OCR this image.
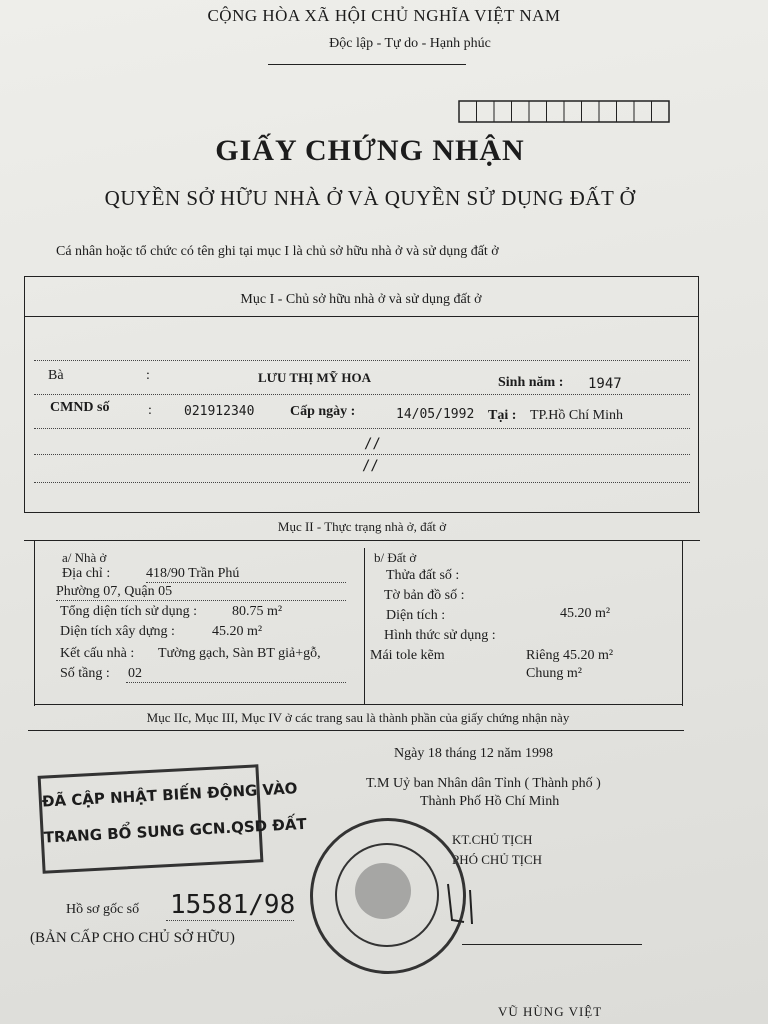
CỘNG HÒA XÃ HỘI CHỦ NGHĨA VIỆT NAM
Độc lập - Tự do - Hạnh phúc
GIẤY CHỨNG NHẬN
QUYỀN SỞ HỮU NHÀ Ở VÀ QUYỀN SỬ DỤNG ĐẤT Ở
Cá nhân hoặc tổ chức có tên ghi tại mục I là chủ sở hữu nhà ở và sử dụng đất ở
Mục I - Chủ sở hữu nhà ở và sử dụng đất ở
Bà	:	LƯU THỊ MỸ HOA	Sinh năm : 1947
CMND số	: 021912340	Cấp ngày :	14/05/1992 Tại : TP.Hồ Chí Minh
//
//
Mục II - Thực trạng nhà ở, đất ở
a/ Nhà ở
Địa chỉ :	418/90 Trần Phú
Phường 07, Quận 05
Tổng diện tích sử dụng : 80.75 m²
Diện tích xây dựng :	45.20 m²
Kết cấu nhà : Tường gạch, Sàn BT giả+gỗ,
Số tầng : 02
b/ Đất ở
Thửa đất số :
Tờ bản đồ số :
Diện tích :	45.20 m²
Hình thức sử dụng :
Mái tole kẽm	Riêng 45.20 m²
Chung m²
Mục IIc, Mục III, Mục IV ở các trang sau là thành phần của giấy chứng nhận này
Ngày 18 tháng 12 năm 1998
T.M Uỷ ban Nhân dân Tỉnh ( Thành phố )
Thành Phố Hồ Chí Minh
KT.CHỦ TỊCH
PHÓ CHỦ TỊCH
VŨ HÙNG VIỆT
ĐÃ CẬP NHẬT BIẾN ĐỘNG VÀO
TRANG BỔ SUNG GCN.QSD ĐẤT
Hồ sơ gốc số 15581/98
(BẢN CẤP CHO CHỦ SỞ HỮU)
